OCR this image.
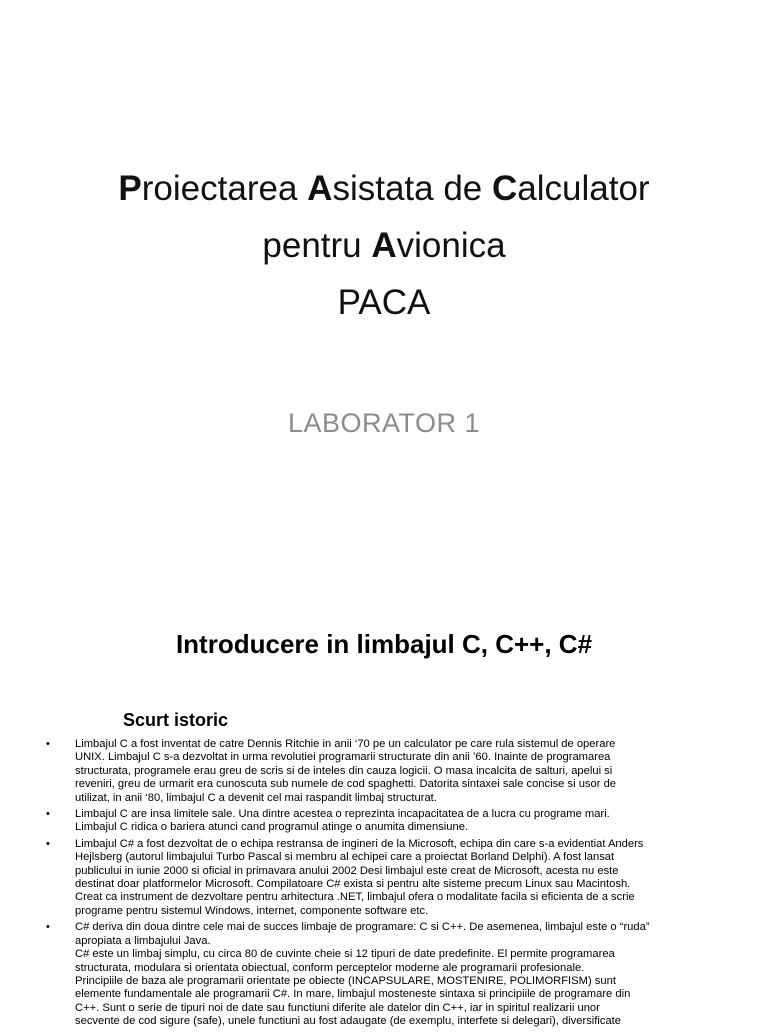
Proiectarea Asistata de Calculator
pentru Avionica
PACA
LABORATOR 1
Introducere in limbajul C, C++, C#
Scurt istoric
• Limbajul C a fost inventat de catre Dennis Ritchie in anii ‘70 pe un calculator pe care rula sistemul de operare
UNIX. Limbajul C s-a dezvoltat in urma revolutiei programarii structurate din anii ’60. Inainte de programarea
structurata, programele erau greu de scris si de inteles din cauza logicii. O masa incalcita de salturi, apelui si
reveniri, greu de urmarit era cunoscuta sub numele de cod spaghetti. Datorita sintaxei sale concise si usor de
utilizat, in anii ‘80, limbajul C a devenit cel mai raspandit limbaj structurat.
• Limbajul C are insa limitele sale. Una dintre acestea o reprezinta incapacitatea de a lucra cu programe mari.
Limbajul C ridica o bariera atunci cand programul atinge o anumita dimensiune.
• Limbajul C# a fost dezvoltat de o echipa restransa de ingineri de la Microsoft, echipa din care s-a evidentiat Anders
Hejlsberg (autorul limbajului Turbo Pascal si membru al echipei care a proiectat Borland Delphi). A fost lansat
publicului in iunie 2000 si oficial in primavara anului 2002 Desi limbajul este creat de Microsoft, acesta nu este
destinat doar platformelor Microsoft. Compilatoare C# exista si pentru alte sisteme precum Linux sau Macintosh.
Creat ca instrument de dezvoltare pentru arhitectura .NET, limbajul ofera o modalitate facila si eficienta de a scrie
programe pentru sistemul Windows, internet, componente software etc.
• C# deriva din doua dintre cele mai de succes limbaje de programare: C si C++. De asemenea, limbajul este o “ruda”
apropiata a limbajului Java.
C# este un limbaj simplu, cu circa 80 de cuvinte cheie si 12 tipuri de date predefinite. El permite programarea
structurata, modulara si orientata obiectual, conform perceptelor moderne ale programarii profesionale.
Principiile de baza ale programarii orientate pe obiecte (INCAPSULARE, MOSTENIRE, POLIMORFISM) sunt
elemente fundamentale ale programarii C#. In mare, limbajul mosteneste sintaxa si principiile de programare din
C++. Sunt o serie de tipuri noi de date sau functiuni diferite ale datelor din C++, iar in spiritul realizarii unor
secvente de cod sigure (safe), unele functiuni au fost adaugate (de exemplu, interfete si delegari), diversificate
